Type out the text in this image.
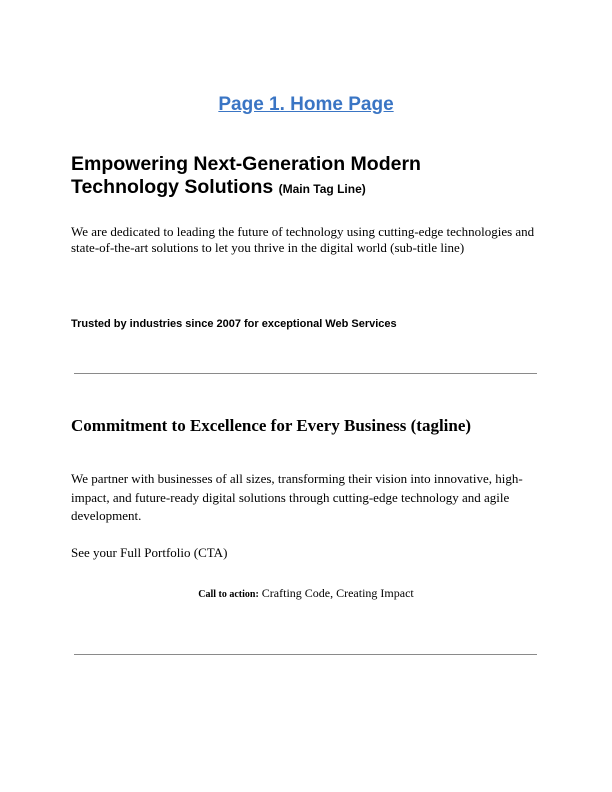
Page 1. Home Page
Empowering Next-Generation Modern Technology Solutions (Main Tag Line)
We are dedicated to leading the future of technology using cutting-edge technologies and state-of-the-art solutions to let you thrive in the digital world (sub-title line)
Trusted by industries since 2007 for exceptional Web Services
Commitment to Excellence for Every Business (tagline)
We partner with businesses of all sizes, transforming their vision into innovative, high-impact, and future-ready digital solutions through cutting-edge technology and agile development.
See your Full Portfolio (CTA)
Call to action: Crafting Code, Creating Impact
